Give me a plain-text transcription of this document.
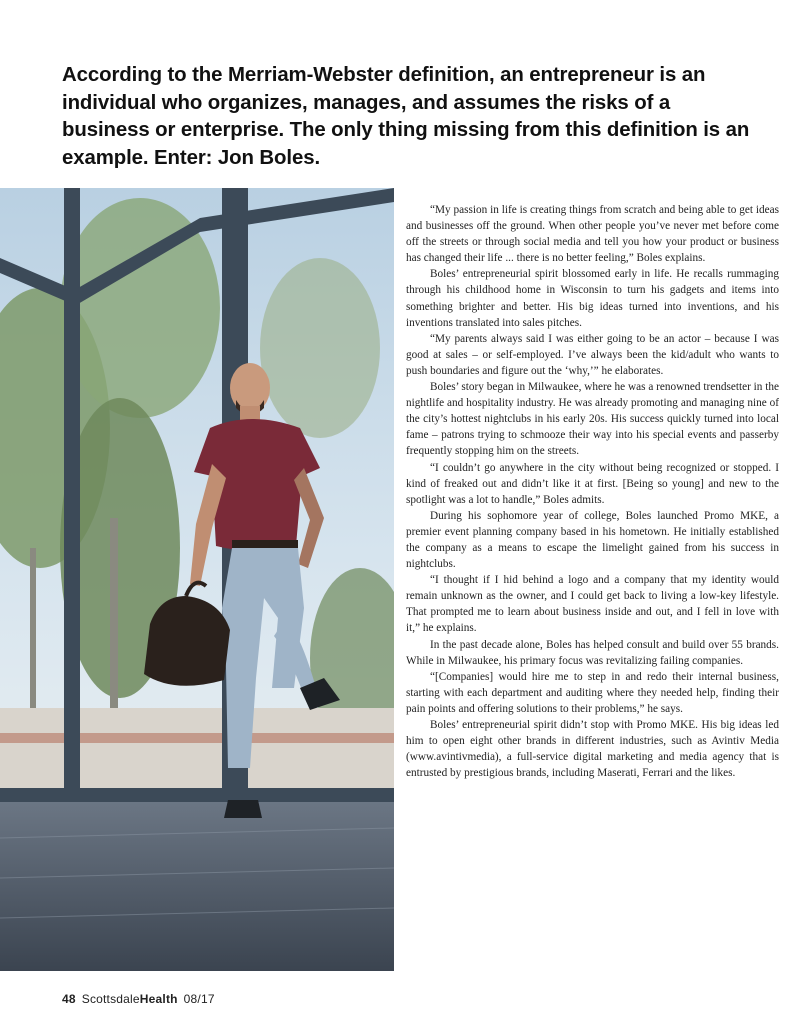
According to the Merriam-Webster definition, an entrepreneur is an individual who organizes, manages, and assumes the risks of a business or enterprise. The only thing missing from this definition is an example. Enter: Jon Boles.

“My passion in life is creating things from scratch and being able to get ideas and businesses off the ground. When other people you’ve never met before come off the streets or through social media and tell you how your product or business has changed their life ... there is no better feeling,” Boles explains.

Boles’ entrepreneurial spirit blossomed early in life. He recalls rummaging through his childhood home in Wisconsin to turn his gadgets and items into something brighter and better. His big ideas turned into inventions, and his inventions translated into sales pitches.

“My parents always said I was either going to be an actor – because I was good at sales – or self-employed. I’ve always been the kid/adult who wants to push boundaries and figure out the ‘why,’” he elaborates.

Boles’ story began in Milwaukee, where he was a renowned trendsetter in the nightlife and hospitality industry. He was already promoting and managing nine of the city’s hottest nightclubs in his early 20s. His success quickly turned into local fame – patrons trying to schmooze their way into his special events and passerby frequently stopping him on the streets.

“I couldn’t go anywhere in the city without being recognized or stopped. I kind of freaked out and didn’t like it at first. [Being so young] and new to the spotlight was a lot to handle,” Boles admits.

During his sophomore year of college, Boles launched Promo MKE, a premier event planning company based in his hometown. He initially established the company as a means to escape the limelight gained from his success in nightclubs.

“I thought if I hid behind a logo and a company that my identity would remain unknown as the owner, and I could get back to living a low-key lifestyle. That prompted me to learn about business inside and out, and I fell in love with it,” he explains.

In the past decade alone, Boles has helped consult and build over 55 brands. While in Milwaukee, his primary focus was revitalizing failing companies.

“[Companies] would hire me to step in and redo their internal business, starting with each department and auditing where they needed help, finding their pain points and offering solutions to their problems,” he says.

Boles’ entrepreneurial spirit didn’t stop with Promo MKE. His big ideas led him to open eight other brands in different industries, such as Avintiv Media (www.avintivmedia), a full-service digital marketing and media agency that is entrusted by prestigious brands, including Maserati, Ferrari and the likes.

48 ScottsdaleHealth 08/17
